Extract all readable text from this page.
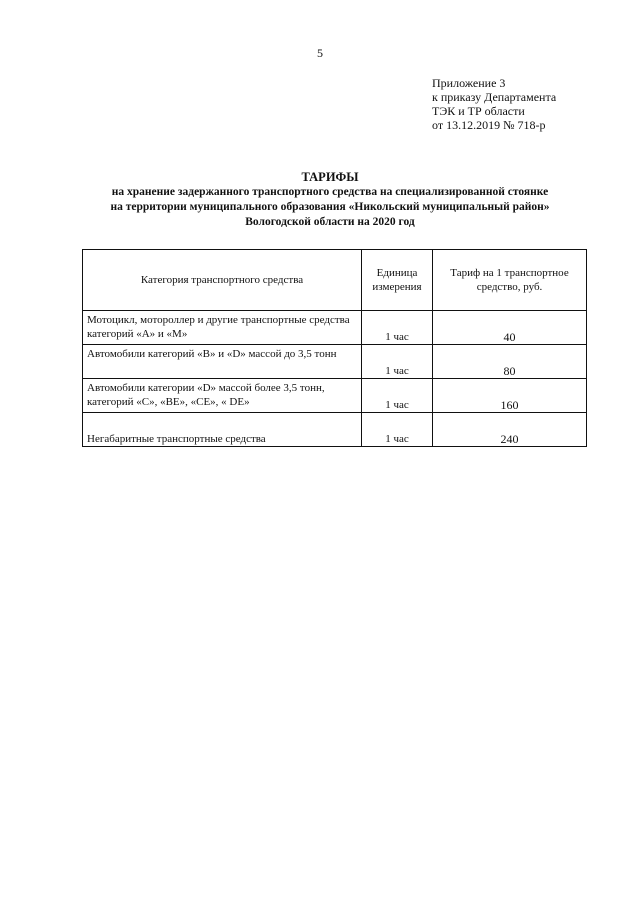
5
Приложение 3
к приказу Департамента
ТЭК и ТР области
от 13.12.2019 № 718-р
ТАРИФЫ
на хранение задержанного транспортного средства на специализированной стоянке
на территории муниципального образования «Никольский муниципальный район»
Вологодской области на 2020 год
Категория транспортного средства	Единица измерения	Тариф на 1 транспортное средство, руб.
Мотоцикл, мотороллер и другие транспортные средства категорий «А» и «М»	1 час	40
Автомобили категорий «В» и «D» массой до 3,5 тонн	1 час	80
Автомобили категории «D» массой более 3,5 тонн, категорий «С», «ВЕ», «СЕ», « DE»	1 час	160
Негабаритные транспортные средства	1 час	240
